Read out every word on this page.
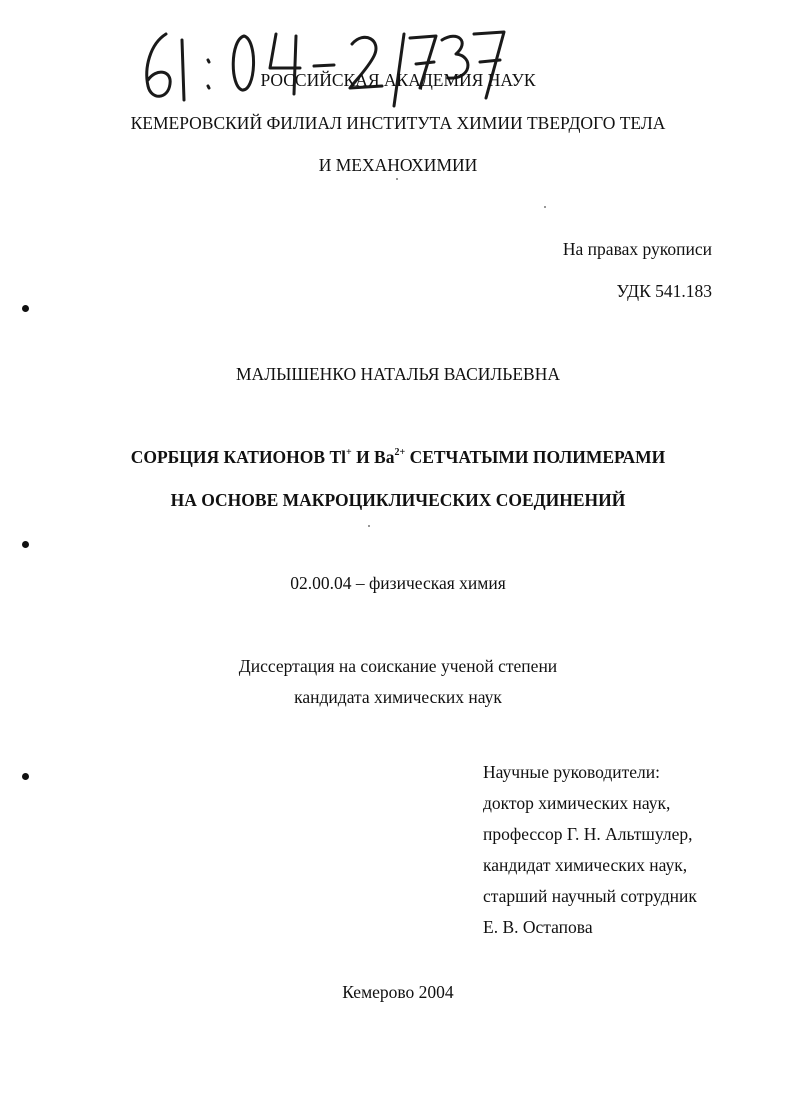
61:04-2/737
РОССИЙСКАЯ АКАДЕМИЯ НАУК
КЕМЕРОВСКИЙ ФИЛИАЛ ИНСТИТУТА ХИМИИ ТВЕРДОГО ТЕЛА
И МЕХАНОХИМИИ
На правах рукописи
УДК 541.183
МАЛЫШЕНКО НАТАЛЬЯ ВАСИЛЬЕВНА
СОРБЦИЯ КАТИОНОВ Tl+ И $Ba^{2+}$ СЕТЧАТЫМИ ПОЛИМЕРАМИ
НА ОСНОВЕ МАКРОЦИКЛИЧЕСКИХ СОЕДИНЕНИЙ
02.00.04 – физическая химия
Диссертация на соискание ученой степени
кандидата химических наук
Научные руководители:
доктор химических наук,
профессор Г. Н. Альтшулер,
кандидат химических наук,
старший научный сотрудник
Е. В. Остапова
Кемерово 2004
